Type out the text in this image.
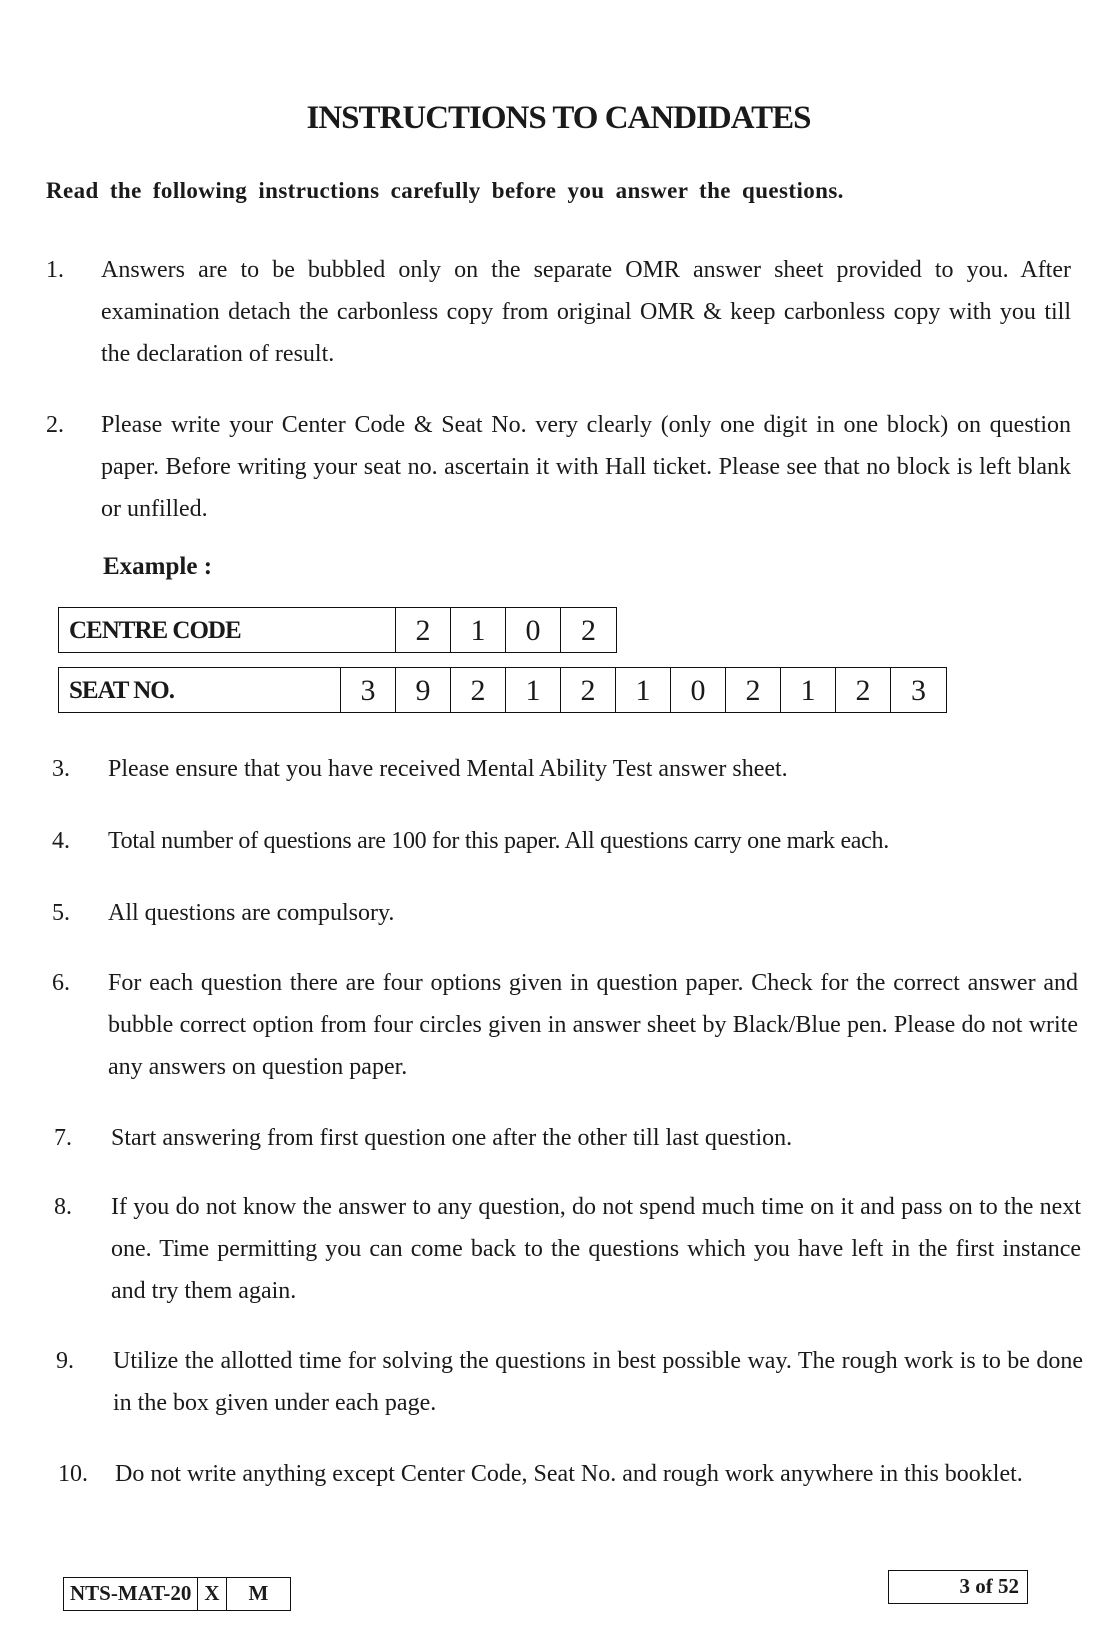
INSTRUCTIONS TO CANDIDATES
Read the following instructions carefully before you answer the questions.
1. Answers are to be bubbled only on the separate OMR answer sheet provided to you. After examination detach the carbonless copy from original OMR & keep carbonless copy with you till the declaration of result.
2. Please write your Center Code & Seat No. very clearly (only one digit in one block) on question paper. Before writing your seat no. ascertain it with Hall ticket. Please see that no block is left blank or unfilled.
Example :
CENTRE CODE	2	1	0	2
SEAT NO.	3	9	2	1	2	1	0	2	1	2	3
3. Please ensure that you have received Mental Ability Test answer sheet.
4. Total number of questions are 100 for this paper. All questions carry one mark each.
5. All questions are compulsory.
6. For each question there are four options given in question paper. Check for the correct answer and bubble correct option from four circles given in answer sheet by Black/Blue pen. Please do not write any answers on question paper.
7. Start answering from first question one after the other till last question.
8. If you do not know the answer to any question, do not spend much time on it and pass on to the next one. Time permitting you can come back to the questions which you have left in the first instance and try them again.
9. Utilize the allotted time for solving the questions in best possible way. The rough work is to be done in the box given under each page.
10. Do not write anything except Center Code, Seat No. and rough work anywhere in this booklet.
NTS-MAT-20 X	M	3 of 52
